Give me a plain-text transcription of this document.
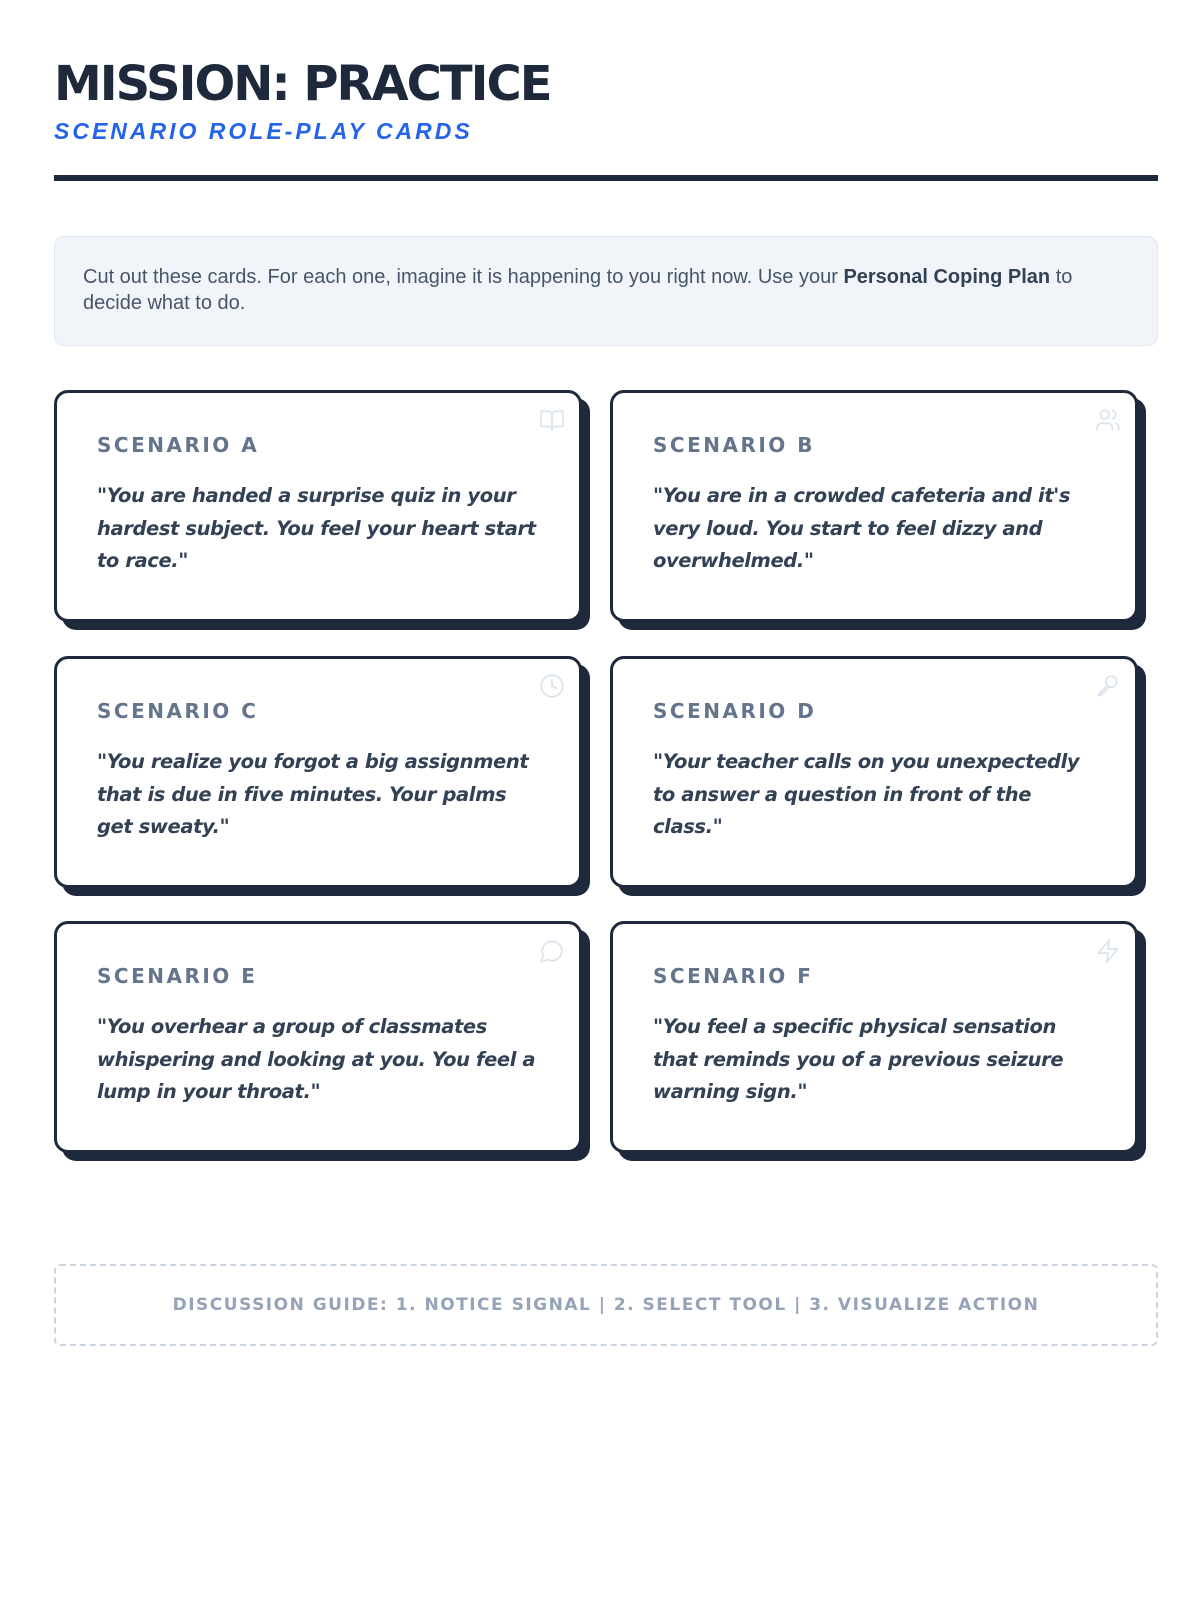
MISSION: PRACTICE
SCENARIO ROLE-PLAY CARDS
Cut out these cards. For each one, imagine it is happening to you right now. Use your Personal Coping Plan to decide what to do.
SCENARIO A
"You are handed a surprise quiz in your hardest subject. You feel your heart start to race."
SCENARIO B
"You are in a crowded cafeteria and it's very loud. You start to feel dizzy and overwhelmed."
SCENARIO C
"You realize you forgot a big assignment that is due in five minutes. Your palms get sweaty."
SCENARIO D
"Your teacher calls on you unexpectedly to answer a question in front of the class."
SCENARIO E
"You overhear a group of classmates whispering and looking at you. You feel a lump in your throat."
SCENARIO F
"You feel a specific physical sensation that reminds you of a previous seizure warning sign."
DISCUSSION GUIDE: 1. NOTICE SIGNAL | 2. SELECT TOOL | 3. VISUALIZE ACTION
